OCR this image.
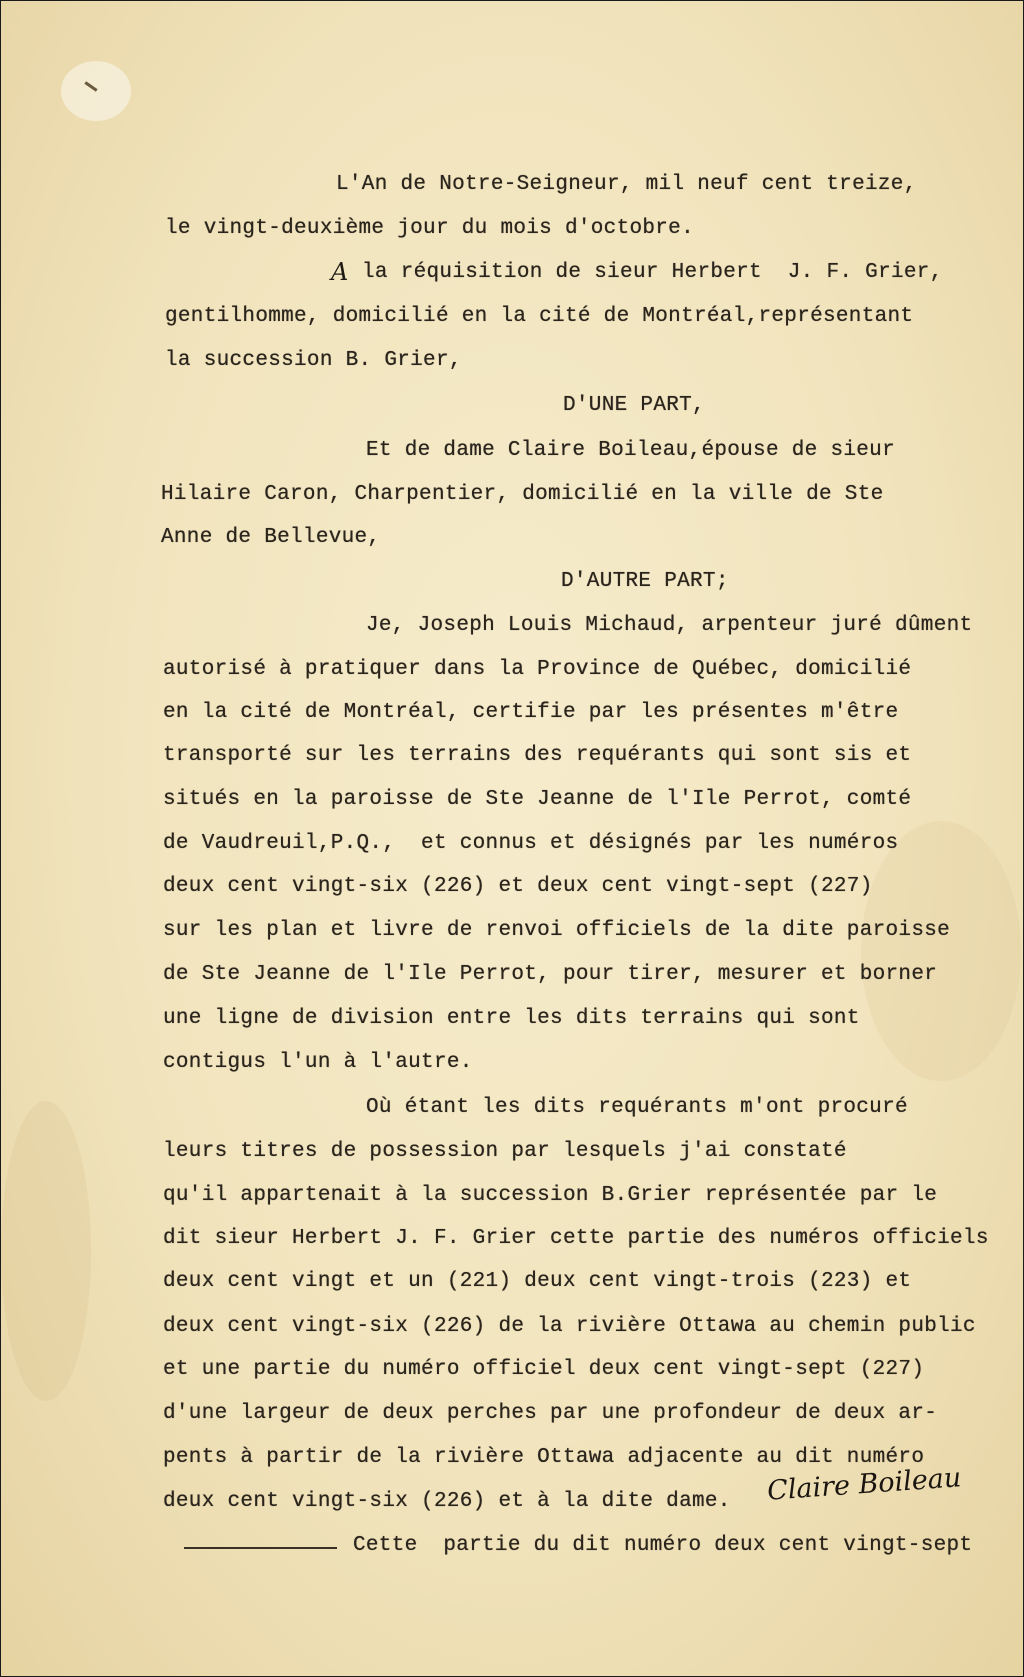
L'An de Notre-Seigneur, mil neuf cent treize,
le vingt-deuxième jour du mois d'octobre.
A la réquisition de sieur Herbert  J. F. Grier,
gentilhomme, domicilié en la cité de Montréal,représentant
la succession B. Grier,
D'UNE PART,
Et de dame Claire Boileau,épouse de sieur
Hilaire Caron, Charpentier, domicilié en la ville de Ste
Anne de Bellevue,
D'AUTRE PART;
Je, Joseph Louis Michaud, arpenteur juré dûment
autorisé à pratiquer dans la Province de Québec, domicilié
en la cité de Montréal, certifie par les présentes m'être
transporté sur les terrains des requérants qui sont sis et
situés en la paroisse de Ste Jeanne de l'Ile Perrot, comté
de Vaudreuil,P.Q.,  et connus et désignés par les numéros
deux cent vingt-six (226) et deux cent vingt-sept (227)
sur les plan et livre de renvoi officiels de la dite paroisse
de Ste Jeanne de l'Ile Perrot, pour tirer, mesurer et borner
une ligne de division entre les dits terrains qui sont
contigus l'un à l'autre.
Où étant les dits requérants m'ont procuré
leurs titres de possession par lesquels j'ai constaté
qu'il appartenait à la succession B.Grier représentée par le
dit sieur Herbert J. F. Grier cette partie des numéros officiels
deux cent vingt et un (221) deux cent vingt-trois (223) et
deux cent vingt-six (226) de la rivière Ottawa au chemin public
et une partie du numéro officiel deux cent vingt-sept (227)
d'une largeur de deux perches par une profondeur de deux ar-
pents à partir de la rivière Ottawa adjacente au dit numéro
deux cent vingt-six (226) et à la dite dame. Claire Boileau
Cette  partie du dit numéro deux cent vingt-sept
